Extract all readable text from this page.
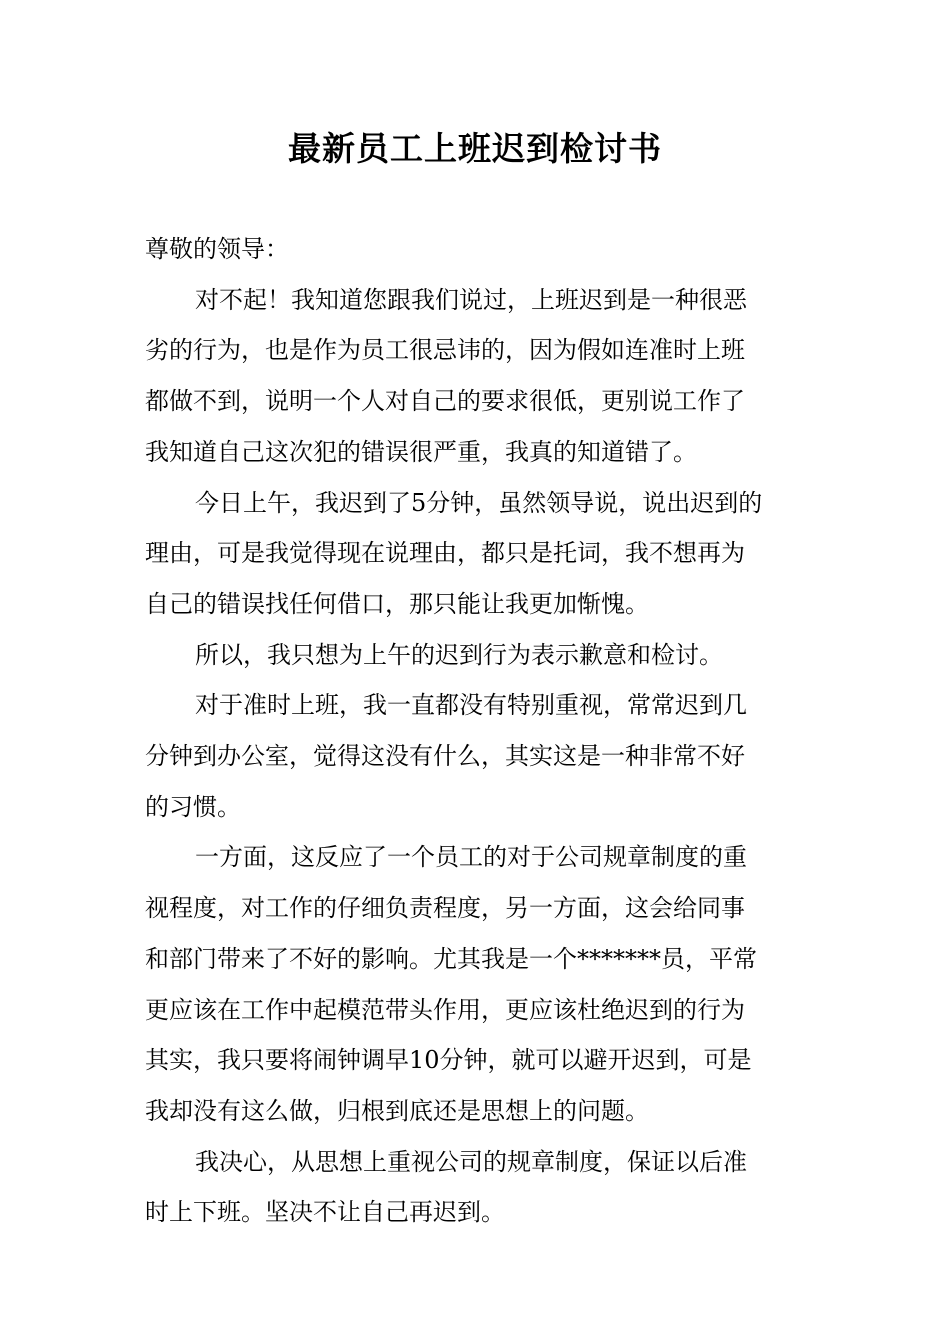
最新员工上班迟到检讨书

尊敬的领导：

对不起！我知道您跟我们说过，上班迟到是一种很恶

劣的行为，也是作为员工很忌讳的，因为假如连准时上班

都做不到，说明一个人对自己的要求很低，更别说工作了

我知道自己这次犯的错误很严重，我真的知道错了。

今日上午，我迟到了5分钟，虽然领导说，说出迟到的

理由，可是我觉得现在说理由，都只是托词，我不想再为

自己的错误找任何借口，那只能让我更加惭愧。

所以，我只想为上午的迟到行为表示歉意和检讨。

对于准时上班，我一直都没有特别重视，常常迟到几

分钟到办公室，觉得这没有什么，其实这是一种非常不好

的习惯。

一方面，这反应了一个员工的对于公司规章制度的重

视程度，对工作的仔细负责程度，另一方面，这会给同事

和部门带来了不好的影响。尤其我是一个*******员，平常

更应该在工作中起模范带头作用，更应该杜绝迟到的行为

其实，我只要将闹钟调早10分钟，就可以避开迟到，可是

我却没有这么做，归根到底还是思想上的问题。

我决心，从思想上重视公司的规章制度，保证以后准

时上下班。坚决不让自己再迟到。
